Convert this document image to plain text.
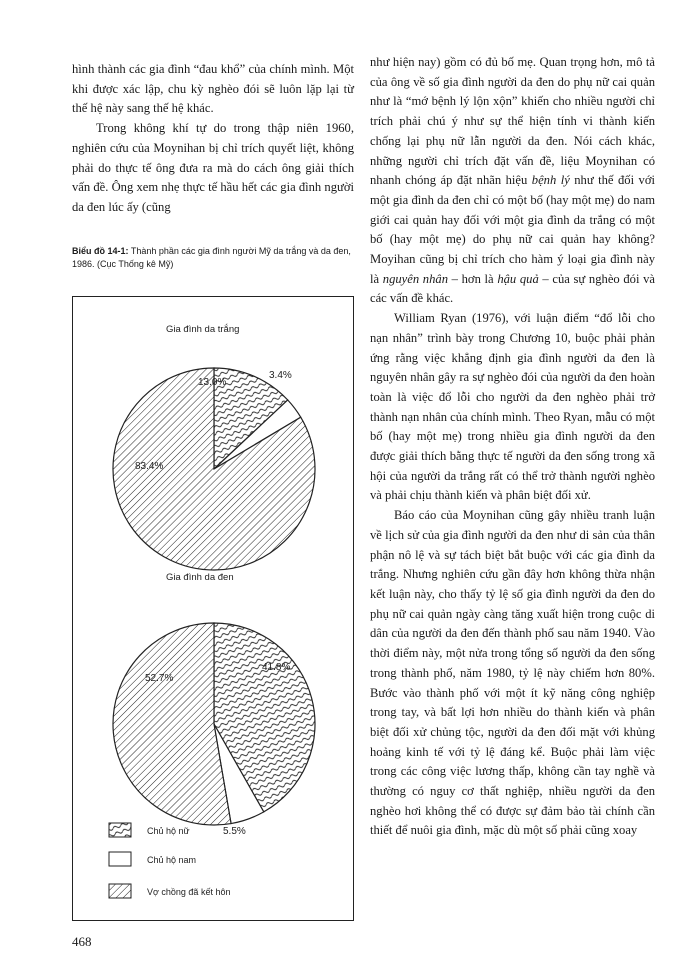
hình thành các gia đình “đau khổ” của chính mình. Một khi được xác lập, chu kỳ nghèo đói sẽ luôn lặp lại từ thế hệ này sang thế hệ khác.

Trong không khí tự do trong thập niên 1960, nghiên cứu của Moynihan bị chỉ trích quyết liệt, không phải do thực tế ông đưa ra mà do cách ông giải thích vấn đề. Ông xem nhẹ thực tế hầu hết các gia đình người da đen lúc ấy (cũng

Biểu đồ 14-1: Thành phần các gia đình người Mỹ da trắng và da đen, 1986. (Cục Thống kê Mỹ)
Gia đình da trắng
13.0%
3.4%
83.4%
Gia đình da đen
41.8%
5.5%
52.7%
Chủ hộ nữ
Chủ hộ nam
Vợ chồng đã kết hôn

như hiện nay) gồm có đủ bố mẹ. Quan trọng hơn, mô tả của ông về số gia đình người da đen do phụ nữ cai quản như là “mớ bệnh lý lộn xộn” khiến cho nhiều người chỉ trích phải chú ý như sự thể hiện tính vi thành kiến chống lại phụ nữ lẫn người da đen. Nói cách khác, những người chỉ trích đặt vấn đề, liệu Moynihan có nhanh chóng áp đặt nhãn hiệu bệnh lý như thế đối với một gia đình da đen chỉ có một bố (hay một mẹ) do nam giới cai quản hay đối với một gia đình da trắng có một bố (hay một mẹ) do phụ nữ cai quản hay không? Moyihan cũng bị chỉ trích cho hàm ý loại gia đình này là nguyên nhân – hơn là hậu quả – của sự nghèo đói và các vấn đề khác.

William Ryan (1976), với luận điểm “đổ lỗi cho nạn nhân” trình bày trong Chương 10, buộc phải phản ứng rằng việc khẳng định gia đình người da đen là nguyên nhân gây ra sự nghèo đói của người da đen hoàn toàn là việc đổ lỗi cho người da đen nghèo phải trở thành nạn nhân của chính mình. Theo Ryan, mẫu có một bố (hay một mẹ) trong nhiều gia đình người da đen được giải thích bằng thực tế người da đen sống trong xã hội của người da trắng rất có thể trở thành người nghèo và phải chịu thành kiến và phân biệt đối xử.

Báo cáo của Moynihan cũng gây nhiều tranh luận về lịch sử của gia đình người da đen như di sản của thân phận nô lệ và sự tách biệt bắt buộc với các gia đình da trắng. Nhưng nghiên cứu gần đây hơn không thừa nhận kết luận này, cho thấy tỷ lệ số gia đình người da đen do phụ nữ cai quản ngày càng tăng xuất hiện trong cuộc di dân của người da đen đến thành phố sau năm 1940. Vào thời điểm này, một nửa trong tổng số người da đen sống trong thành phố, năm 1980, tỷ lệ này chiếm hơn 80%. Bước vào thành phố với một ít kỹ năng công nghiệp trong tay, và bất lợi hơn nhiều do thành kiến và phân biệt đối xử chủng tộc, người da đen đối mặt với khủng hoảng kinh tế với tỷ lệ đáng kể. Buộc phải làm việc trong các công việc lương thấp, không cần tay nghề và thường có nguy cơ thất nghiệp, nhiều người da đen nghèo hơi không thể có được sự đảm bảo tài chính cần thiết để nuôi gia đình, mặc dù một số phải cũng xoay

468
